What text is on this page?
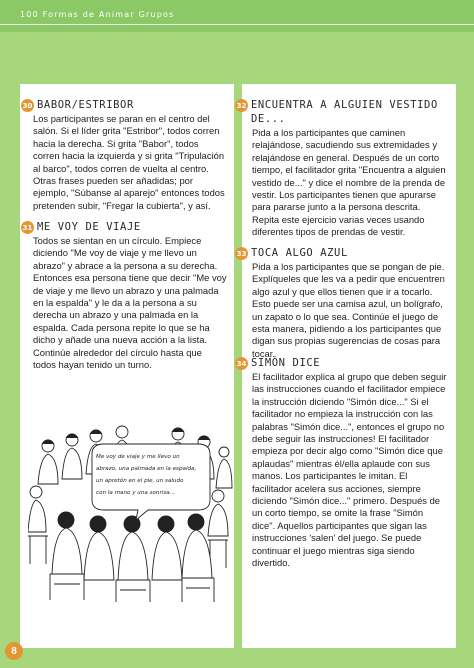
100 Formas de Animar Grupos
30 BABOR/ESTRIBOR
Los participantes se paran en el centro del salón. Si el líder grita "Estribor", todos corren hacia la derecha. Si grita "Babor", todos corren hacia la izquierda y si grita "Tripulación al barco", todos corren de vuelta al centro. Otras frases pueden ser añadidas; por ejemplo, "Súbanse al aparejo" entonces todos pretenden subir, "Fregar la cubierta", y así.
31 ME VOY DE VIAJE
Todos se sientan en un círculo. Empiece diciendo "Me voy de viaje y me llevo un abrazo" y abrace a la persona a su derecha. Entonces esa persona tiene que decir "Me voy de viaje y me llevo un abrazo y una palmada en la espalda" y le da a la persona a su derecha un abrazo y una palmada en la espalda. Cada persona repite lo que se ha dicho y añade una nueva acción a la lista. Continúe alrededor del círculo hasta que todos hayan tenido un turno.
Me voy de viaje y me llevo un
abrazo, una palmada en la espalda,
un apretón en el pie, un saludo
con la mano y una sonrisa...
32 ENCUENTRA A ALGUIEN VESTIDO DE...
Pida a los participantes que caminen relajándose, sacudiendo sus extremidades y relajándose en general. Después de un corto tiempo, el facilitador grita "Encuentra a alguien vestido de..." y dice el nombre de la prenda de vestir. Los participantes tienen que apurarse para pararse junto a la persona descrita. Repita este ejercicio varias veces usando diferentes tipos de prendas de vestir.
33 TOCA ALGO AZUL
Pida a los participantes que se pongan de pie. Explíqueles que les va a pedir que encuentren algo azul y que ellos tienen que ir a tocarlo. Esto puede ser una camisa azul, un bolígrafo, un zapato o lo que sea. Continúe el juego de esta manera, pidiendo a los participantes que digan sus propias sugerencias de cosas para tocar.
34 SIMÓN DICE
El facilitador explica al grupo que deben seguir las instrucciones cuando el facilitador empiece la instrucción diciendo "Simón dice..." Si el facilitador no empieza la instrucción con las palabras "Simón dice...", entonces el grupo no debe seguir las instrucciones! El facilitador empieza por decir algo como "Simón dice que aplaudas" mientras él/ella aplaude con sus manos. Los participantes le imitan. El facilitador acelera sus acciones, siempre diciendo "Simón dice..." primero. Después de un corto tiempo, se omite la frase "Simón dice". Aquellos participantes que sigan las instrucciones 'salen' del juego. Se puede continuar el juego mientras siga siendo divertido.
8
